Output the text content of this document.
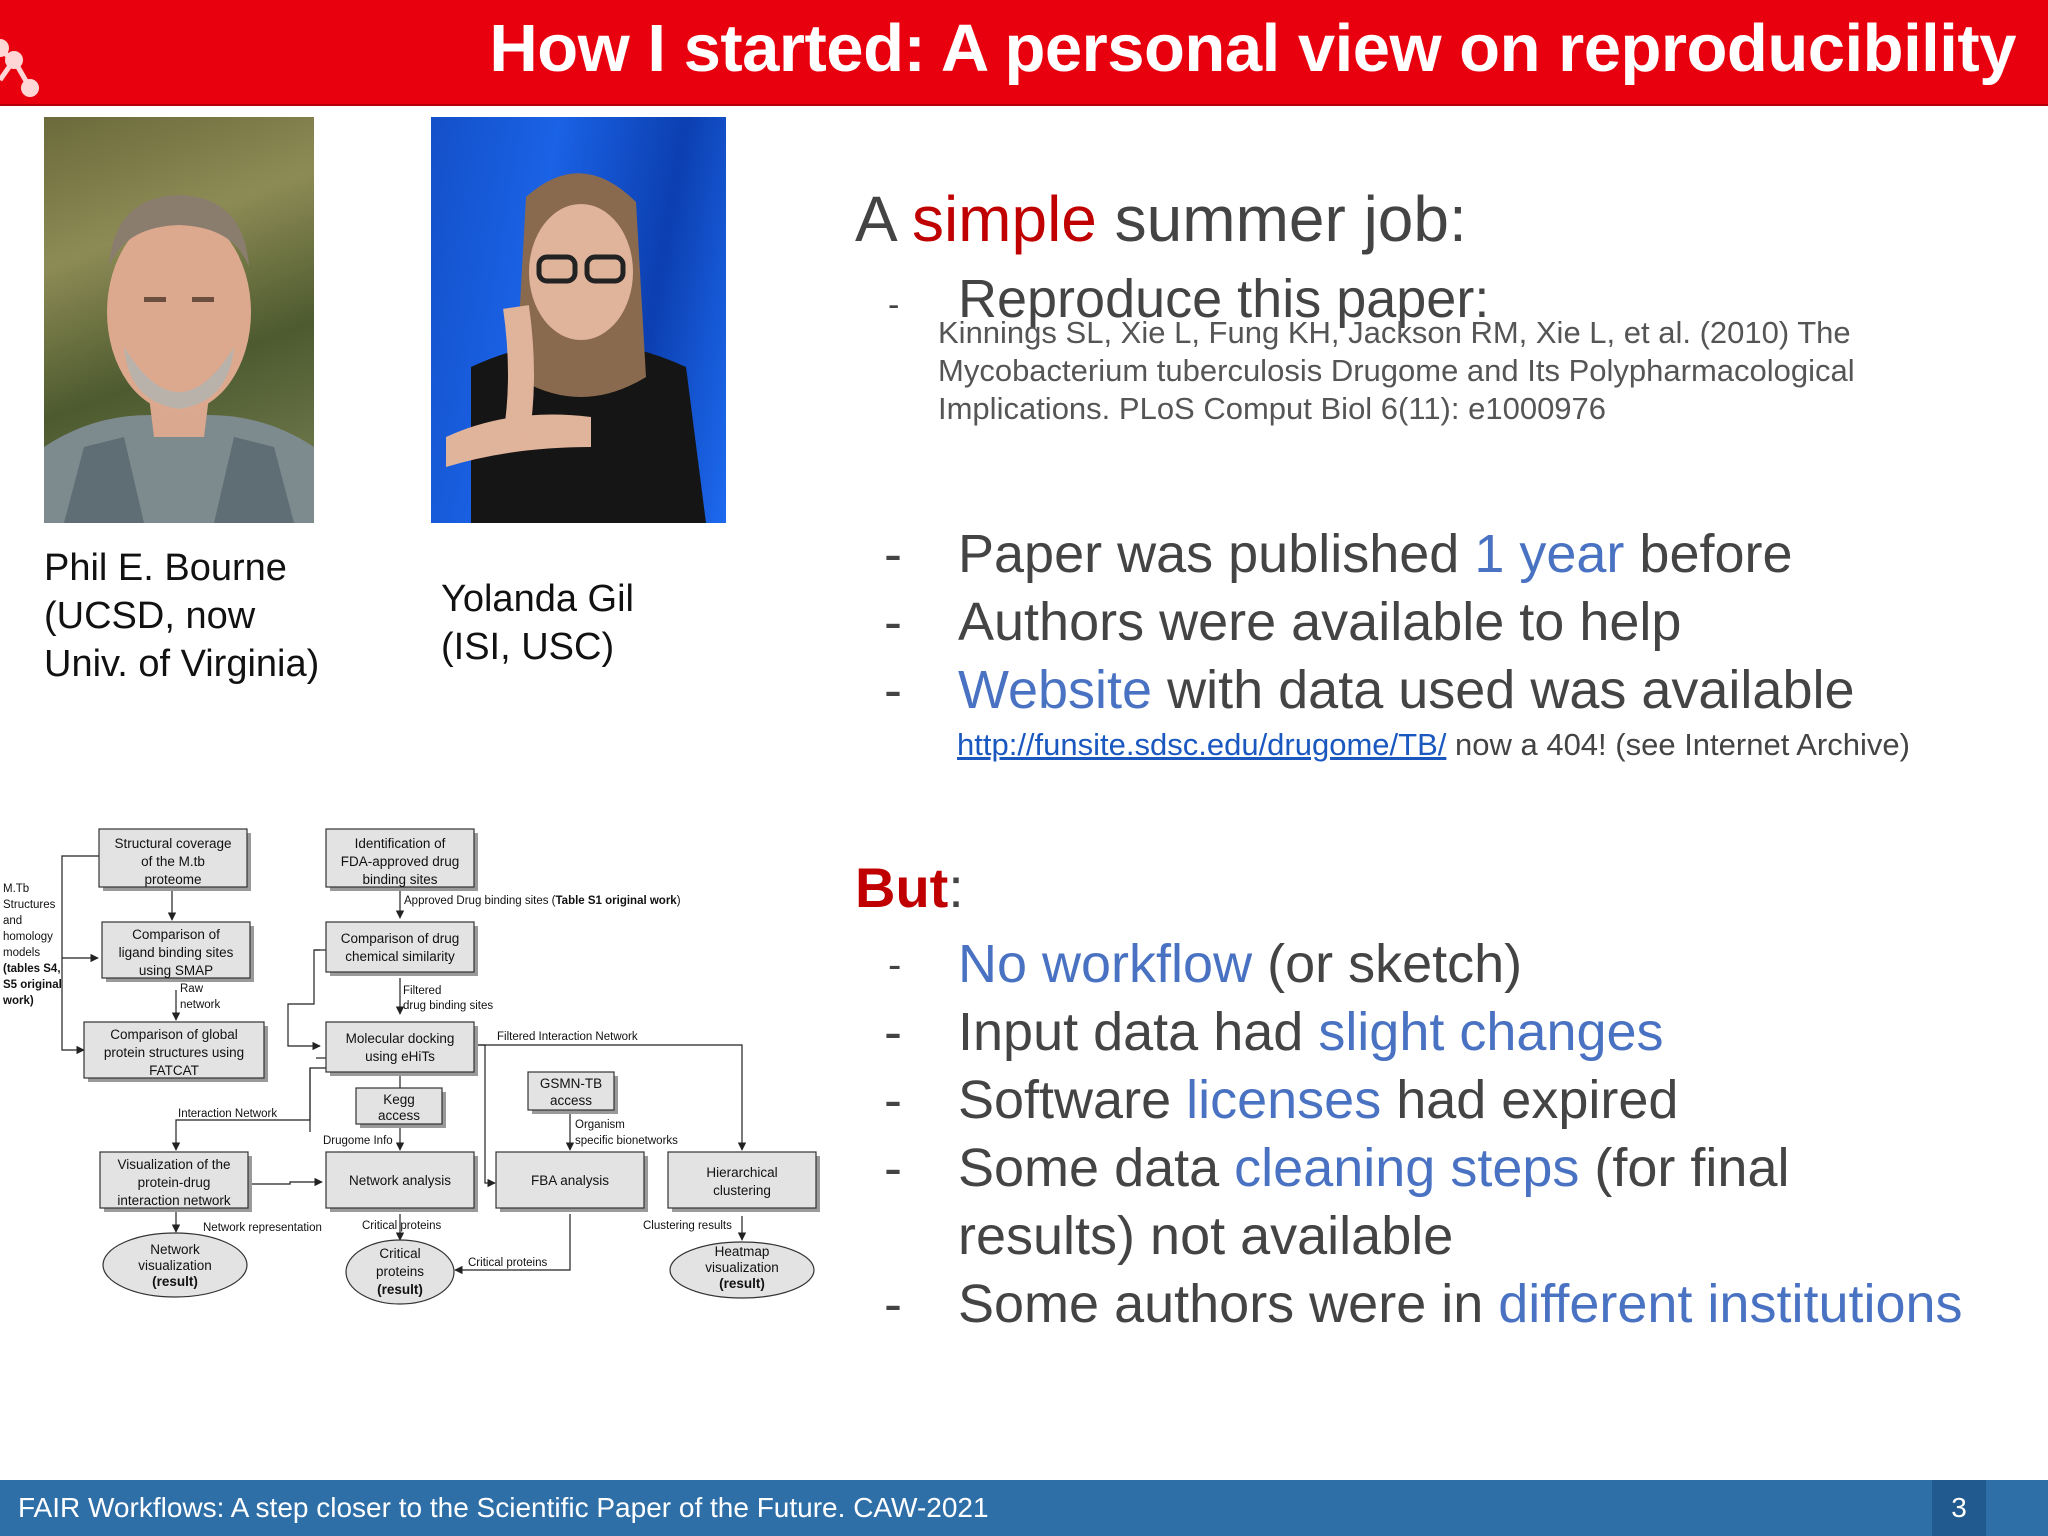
How I started: A personal view on reproducibility
Phil E. Bourne
(UCSD, now
Univ. of Virginia)
Yolanda Gil
(ISI, USC)
A simple summer job:
- Reproduce this paper:
Kinnings SL, Xie L, Fung KH, Jackson RM, Xie L, et al. (2010) The Mycobacterium tuberculosis Drugome and Its Polypharmacological Implications. PLoS Comput Biol 6(11): e1000976
- Paper was published 1 year before
- Authors were available to help
- Website with data used was available
http://funsite.sdsc.edu/drugome/TB/ now a 404! (see Internet Archive)
But:
- No workflow (or sketch)
- Input data had slight changes
- Software licenses had expired
- Some data cleaning steps (for final
results) not available
- Some authors were in different institutions
Structural coverage
of the M.tb
proteome
Identification of
FDA-approved drug
binding sites
Comparison of
ligand binding sites
using SMAP
Comparison of drug
chemical similarity
Comparison of global
protein structures using
FATCAT
Molecular docking
using eHiTs
GSMN-TB
access
Kegg
access
Visualization of the
protein-drug
interaction network
Network analysis	FBA analysis
Hierarchical
clustering
Network
visualization
(result)
Critical
proteins
(result)
Heatmap
visualization
(result)
M.Tb
Structures
and
homology
models
(tables S4,
S5 original
work)
Approved Drug binding sites (Table S1 original work)
Raw
network
Filtered
drug binding sites
Filtered Interaction Network
Interaction Network
Drugome Info
Organism
specific bionetworks
Network representation	Critical proteins
Critical proteins
Clustering results
FAIR Workflows: A step closer to the Scientific Paper of the Future. CAW-2021	3
